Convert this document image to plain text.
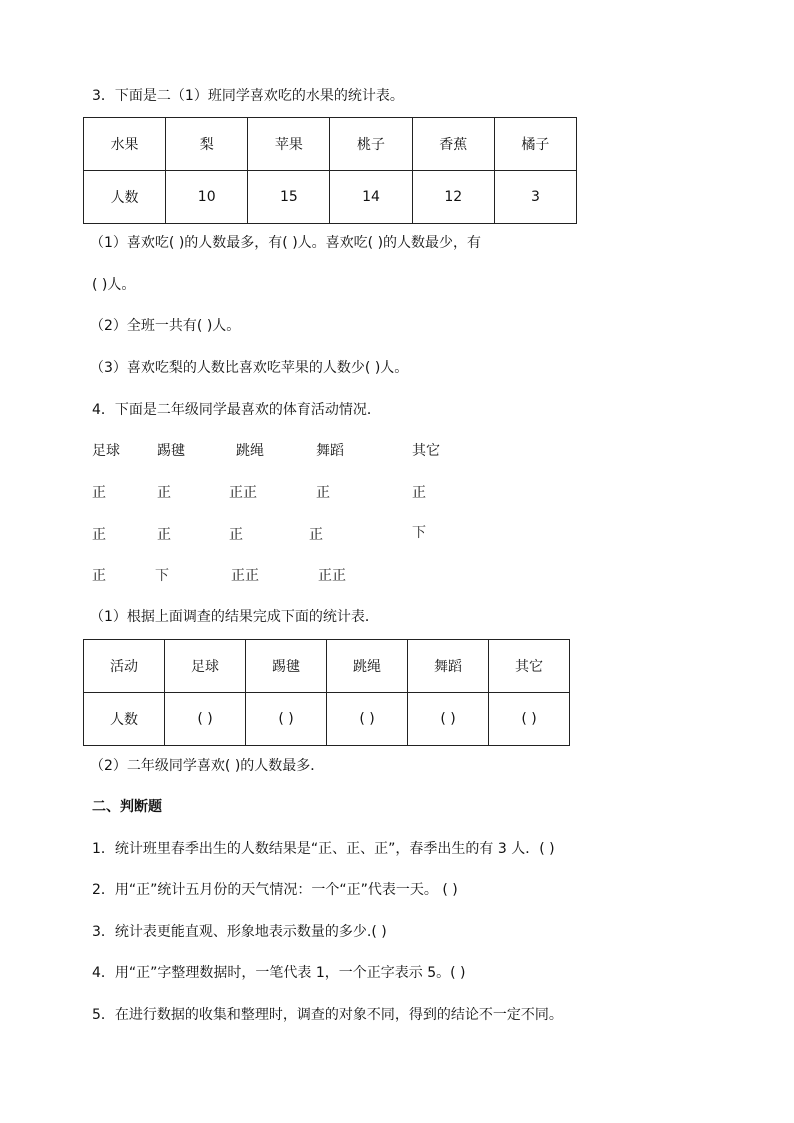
3．下面是二（1）班同学喜欢吃的水果的统计表。
水果	梨	苹果	桃子	香蕉	橘子
人数	10	15	14	12	3
（1）喜欢吃( )的人数最多，有( )人。喜欢吃( )的人数最少，有
( )人。
（2）全班一共有( )人。
（3）喜欢吃梨的人数比喜欢吃苹果的人数少( )人。
4．下面是二年级同学最喜欢的体育活动情况．
足球	踢毽	跳绳	舞蹈	其它
正	正	正正	正	正
正	正	正	正	下
正	下	正正	正正
（1）根据上面调查的结果完成下面的统计表．
活动	足球	踢毽	跳绳	舞蹈	其它
人数	( )	( )	( )	( )	( )
（2）二年级同学喜欢( )的人数最多．
二、判断题
1．统计班里春季出生的人数结果是“正、正、正”，春季出生的有 3 人．( )
2．用“正”统计五月份的天气情况：一个“正”代表一天。 ( )
3．统计表更能直观、形象地表示数量的多少.( )
4．用“正”字整理数据时，一笔代表 1，一个正字表示 5。( )
5．在进行数据的收集和整理时，调查的对象不同，得到的结论不一定不同。
